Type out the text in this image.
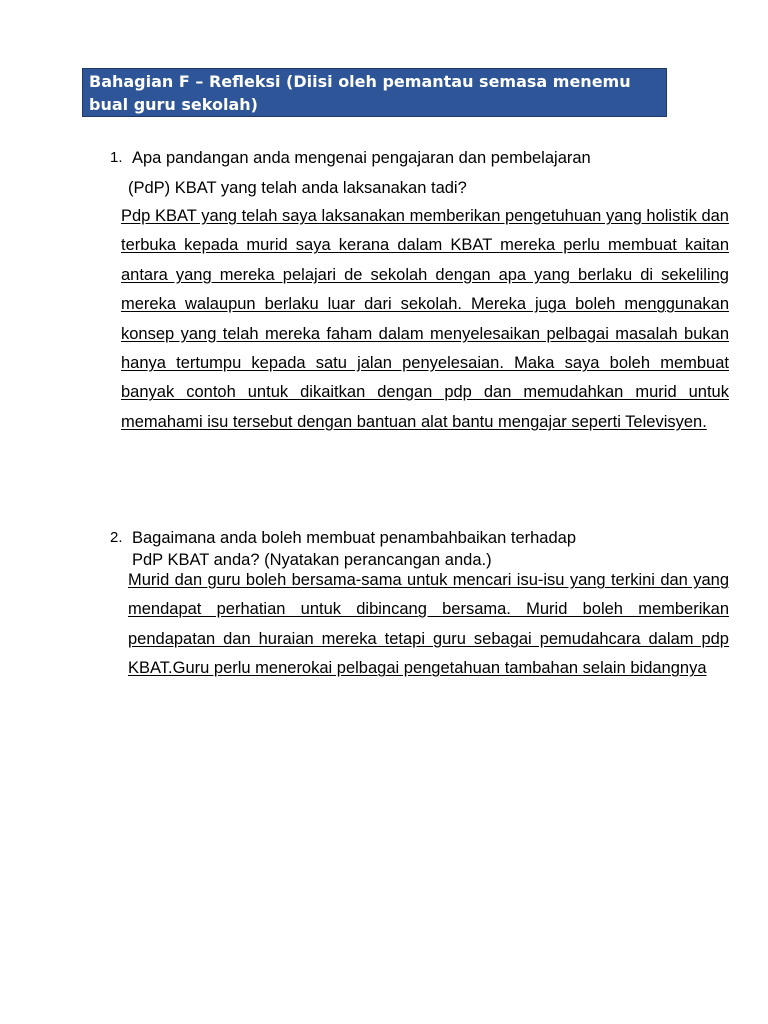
Bahagian F – Refleksi (Diisi oleh pemantau semasa menemu bual guru sekolah)
1. Apa pandangan anda mengenai pengajaran dan pembelajaran
(PdP) KBAT yang telah anda laksanakan tadi?

Pdp KBAT yang telah saya laksanakan memberikan pengetuhuan yang holistik dan terbuka kepada murid saya kerana dalam KBAT mereka perlu membuat kaitan antara yang mereka pelajari de sekolah dengan apa yang berlaku di sekeliling mereka walaupun berlaku luar dari sekolah. Mereka juga boleh menggunakan konsep yang telah mereka faham dalam menyelesaikan pelbagai masalah bukan hanya tertumpu kepada satu jalan penyelesaian. Maka saya boleh membuat banyak contoh untuk dikaitkan dengan pdp dan memudahkan murid untuk memahami isu tersebut dengan bantuan alat bantu mengajar seperti Televisyen.

2. Bagaimana anda boleh membuat penambahbaikan terhadap
PdP KBAT anda? (Nyatakan perancangan anda.)

Murid dan guru boleh bersama-sama untuk mencari isu-isu yang terkini dan yang mendapat perhatian untuk dibincang bersama. Murid boleh memberikan pendapatan dan huraian mereka tetapi guru sebagai pemudahcara dalam pdp KBAT.Guru perlu menerokai pelbagai pengetahuan tambahan selain bidangnya
